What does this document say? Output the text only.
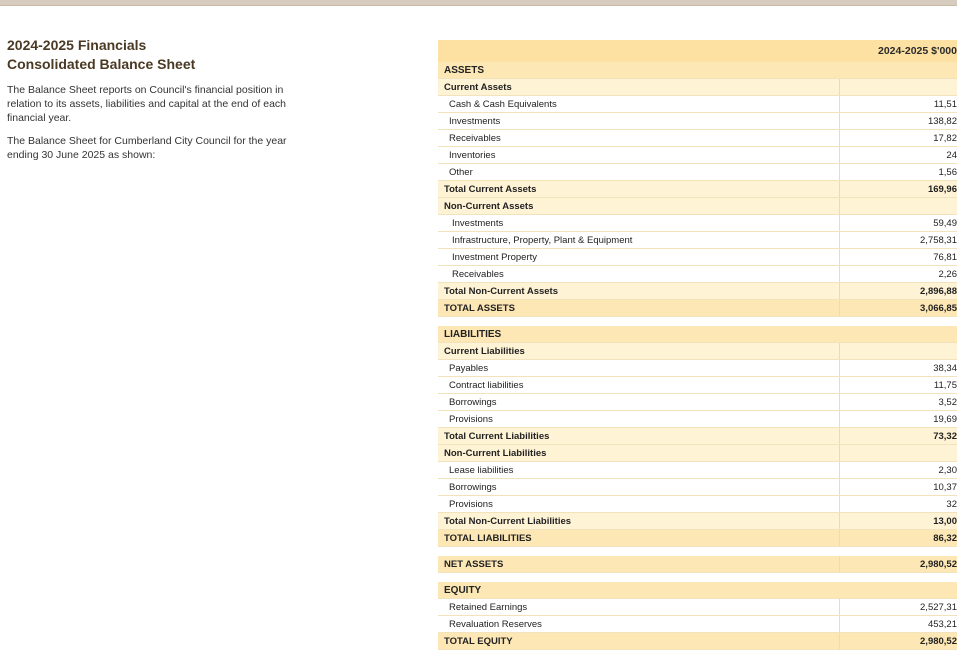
2024-2025 Financials
Consolidated Balance Sheet
The Balance Sheet reports on Council's financial position in relation to its assets, liabilities and capital at the end of each financial year.
The Balance Sheet for Cumberland City Council for the year ending 30 June 2025 as shown:
2024-2025 $'000
ASSETS
Current Assets
Cash & Cash Equivalents	11,51
Investments	138,82
Receivables	17,82
Inventories	24
Other	1,56
Total Current Assets	169,96
Non-Current Assets
Investments	59,49
Infrastructure, Property, Plant & Equipment	2,758,31
Investment Property	76,81
Receivables	2,26
Total Non-Current Assets	2,896,88
TOTAL ASSETS	3,066,85
LIABILITIES
Current Liabilities
Payables	38,34
Contract liabilities	11,75
Borrowings	3,52
Provisions	19,69
Total Current Liabilities	73,32
Non-Current Liabilities
Lease liabilities	2,30
Borrowings	10,37
Provisions	32
Total Non-Current Liabilities	13,00
TOTAL LIABILITIES	86,32
NET ASSETS	2,980,52
EQUITY
Retained Earnings	2,527,31
Revaluation Reserves	453,21
TOTAL EQUITY	2,980,52
